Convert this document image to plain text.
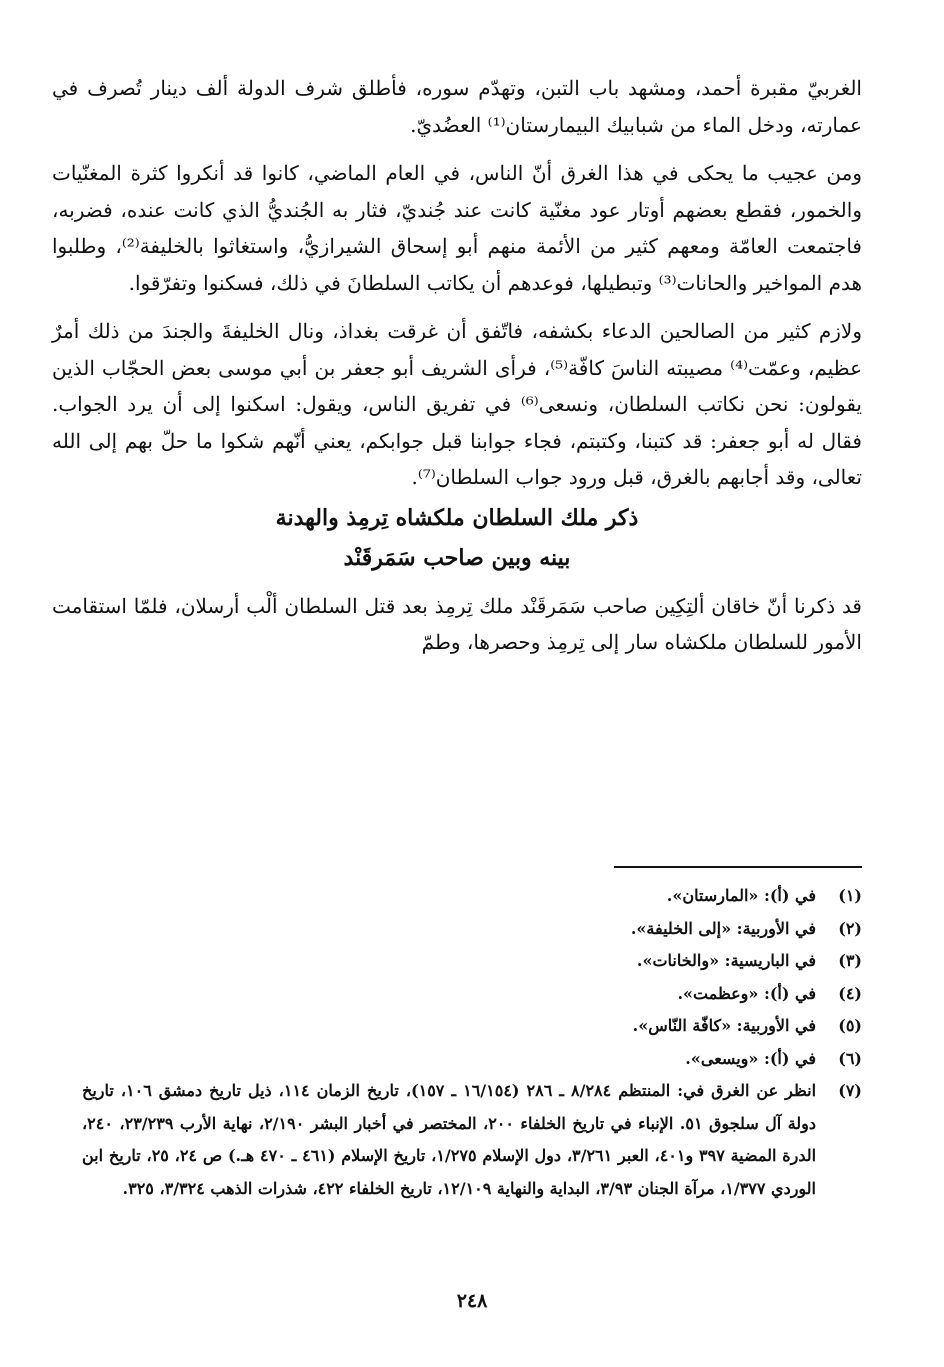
الغربيّ مقبرة أحمد، ومشهد باب التبن، وتهدّم سوره، فأطلق شرف الدولة ألف دينار تُصرف في عمارته، ودخل الماء من شبابيك البيمارستان⁽¹⁾ العضُديّ.

ومن عجيب ما يحكى في هذا الغرق أنّ الناس، في العام الماضي، كانوا قد أنكروا كثرة المغنّيات والخمور، فقطع بعضهم أوتار عود مغنّية كانت عند جُنديّ، فثار به الجُنديُّ الذي كانت عنده، فضربه، فاجتمعت العامّة ومعهم كثير من الأئمة منهم أبو إسحاق الشيرازيُّ، واستغاثوا بالخليفة⁽²⁾، وطلبوا هدم المواخير والحانات⁽³⁾ وتبطيلها، فوعدهم أن يكاتب السلطانَ في ذلك، فسكنوا وتفرّقوا.

ولازم كثير من الصالحين الدعاء بكشفه، فاتّفق أن غرقت بغداذ، ونال الخليفةَ والجندَ من ذلك أمرٌ عظيم، وعمّت⁽⁴⁾ مصيبته الناسَ كافّة⁽⁵⁾، فرأى الشريف أبو جعفر بن أبي موسى بعض الحجّاب الذين يقولون: نحن نكاتب السلطان، ونسعى⁽⁶⁾ في تفريق الناس، ويقول: اسكنوا إلى أن يرد الجواب. فقال له أبو جعفر: قد كتبنا، وكتبتم، فجاء جوابنا قبل جوابكم، يعني أنّهم شكوا ما حلّ بهم إلى الله تعالى، وقد أجابهم بالغرق، قبل ورود جواب السلطان⁽⁷⁾.

ذكر ملك السلطان ملكشاه تِرمِذ والهدنة

بينه وبين صاحب سَمَرقَنْد

قد ذكرنا أنّ خاقان ألتِكِين صاحب سَمَرقَنْد ملك تِرمِذ بعد قتل السلطان ألْب أرسلان، فلمّا استقامت الأمور للسلطان ملكشاه سار إلى تِرمِذ وحصرها، وطمّ

(١)
في (أ): «المارستان».
(٢)
في الأوربية: «إلى الخليفة».
(٣)
في الباريسية: «والخانات».
(٤)
في (أ): «وعظمت».
(٥)
في الأوربية: «كافّة النّاس».
(٦)
في (أ): «ويسعى».
(٧)
انظر عن الغرق في: المنتظم ٨/٢٨٤ ـ ٢٨٦ (١٦/١٥٤ ـ ١٥٧)، تاريخ الزمان ١١٤، ذيل تاريخ دمشق ١٠٦، تاريخ دولة آل سلجوق ٥١. الإنباء في تاريخ الخلفاء ٢٠٠، المختصر في أخبار البشر ٢/١٩٠، نهاية الأرب ٢٣/٢٣٩، ٢٤٠، الدرة المضية ٣٩٧ و٤٠١، العبر ٣/٢٦١، دول الإسلام ١/٢٧٥، تاريخ الإسلام (٤٦١ ـ ٤٧٠ هـ.) ص ٢٤، ٢٥، تاريخ ابن الوردي ١/٣٧٧، مرآة الجنان ٣/٩٣، البداية والنهاية ١٢/١٠٩، تاريخ الخلفاء ٤٢٢، شذرات الذهب ٣/٣٢٤، ٣٢٥.
٢٤٨
